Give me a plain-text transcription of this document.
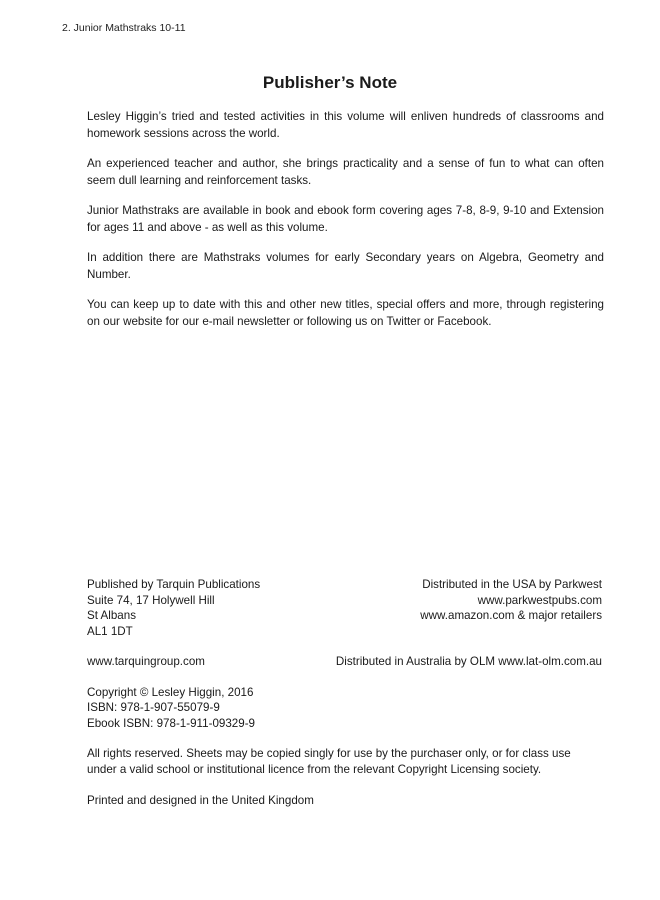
2. Junior Mathstraks 10-11
Publisher’s Note

Lesley Higgin’s tried and tested activities in this volume will enliven hundreds of classrooms and homework sessions across the world.

An experienced teacher and author, she brings practicality and a sense of fun to what can often seem dull learning and reinforcement tasks.

Junior Mathstraks are available in book and ebook form covering ages 7-8, 8-9, 9-10 and Extension for ages 11 and above - as well as this volume.

In addition there are Mathstraks volumes for early Secondary years on Algebra, Geometry and Number.

You can keep up to date with this and other new titles, special offers and more, through registering on our website for our e-mail newsletter or following us on Twitter or Facebook.

Published by Tarquin Publications
Suite 74, 17 Holywell Hill
St Albans
AL1 1DT
Distributed in the USA by Parkwest
www.parkwestpubs.com
www.amazon.com & major retailers
www.tarquingroup.com	Distributed in Australia by OLM www.lat-olm.com.au
Copyright © Lesley Higgin, 2016
ISBN: 978-1-907-55079-9
Ebook ISBN: 978-1-911-09329-9
All rights reserved. Sheets may be copied singly for use by the purchaser only, or for class use under a valid school or institutional licence from the relevant Copyright Licensing society.
Printed and designed in the United Kingdom
